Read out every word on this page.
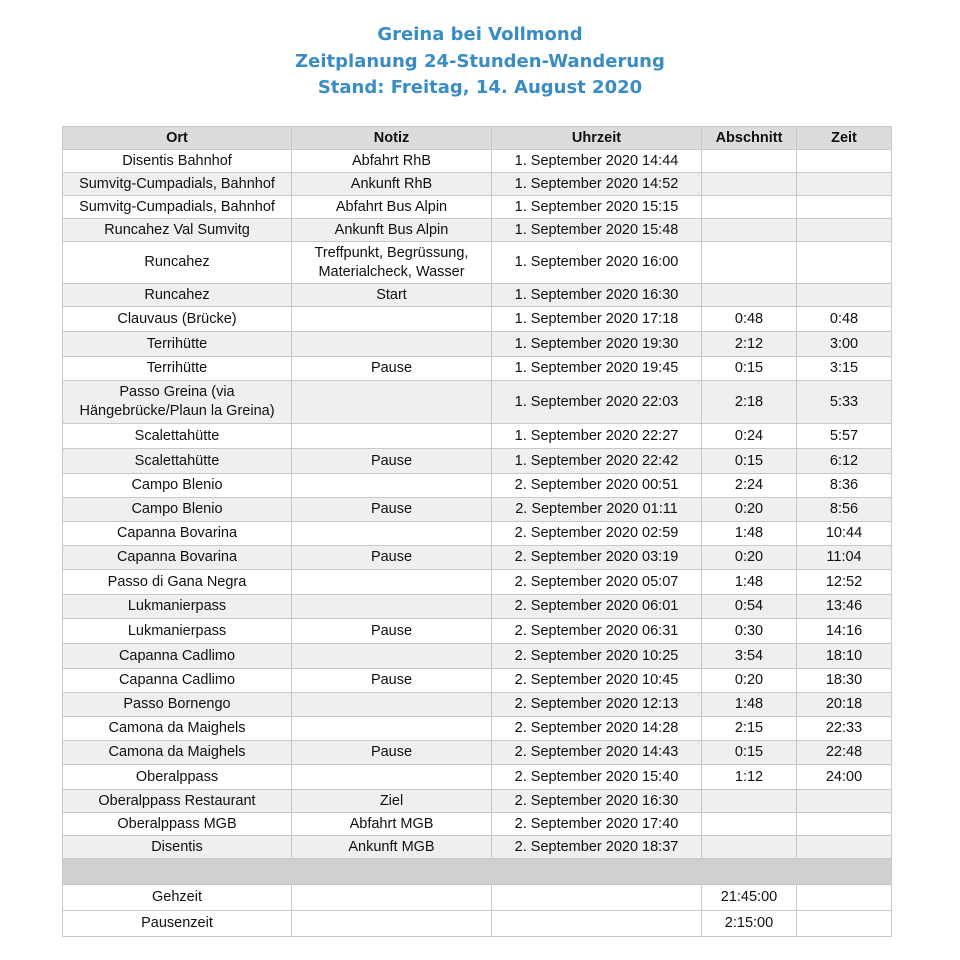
Greina bei Vollmond
Zeitplanung 24-Stunden-Wanderung
Stand: Freitag, 14. August 2020
Ort	Notiz	Uhrzeit	Abschnitt	Zeit
Disentis Bahnhof	Abfahrt RhB	1. September 2020 14:44		
Sumvitg-Cumpadials, Bahnhof	Ankunft RhB	1. September 2020 14:52		
Sumvitg-Cumpadials, Bahnhof	Abfahrt Bus Alpin	1. September 2020 15:15		
Runcahez Val Sumvitg	Ankunft Bus Alpin	1. September 2020 15:48		
Runcahez	Treffpunkt, Begrüssung, Materialcheck, Wasser	1. September 2020 16:00		
Runcahez	Start	1. September 2020 16:30		
Clauvaus (Brücke)		1. September 2020 17:18	0:48	0:48
Terrihütte		1. September 2020 19:30	2:12	3:00
Terrihütte	Pause	1. September 2020 19:45	0:15	3:15
Passo Greina (via Hängebrücke/Plaun la Greina)		1. September 2020 22:03	2:18	5:33
Scalettahütte		1. September 2020 22:27	0:24	5:57
Scalettahütte	Pause	1. September 2020 22:42	0:15	6:12
Campo Blenio		2. September 2020 00:51	2:24	8:36
Campo Blenio	Pause	2. September 2020 01:11	0:20	8:56
Capanna Bovarina		2. September 2020 02:59	1:48	10:44
Capanna Bovarina	Pause	2. September 2020 03:19	0:20	11:04
Passo di Gana Negra		2. September 2020 05:07	1:48	12:52
Lukmanierpass		2. September 2020 06:01	0:54	13:46
Lukmanierpass	Pause	2. September 2020 06:31	0:30	14:16
Capanna Cadlimo		2. September 2020 10:25	3:54	18:10
Capanna Cadlimo	Pause	2. September 2020 10:45	0:20	18:30
Passo Bornengo		2. September 2020 12:13	1:48	20:18
Camona da Maighels		2. September 2020 14:28	2:15	22:33
Camona da Maighels	Pause	2. September 2020 14:43	0:15	22:48
Oberalppass		2. September 2020 15:40	1:12	24:00
Oberalppass Restaurant	Ziel	2. September 2020 16:30		
Oberalppass MGB	Abfahrt MGB	2. September 2020 17:40		
Disentis	Ankunft MGB	2. September 2020 18:37		

Gehzeit			21:45:00	
Pausenzeit			2:15:00	
